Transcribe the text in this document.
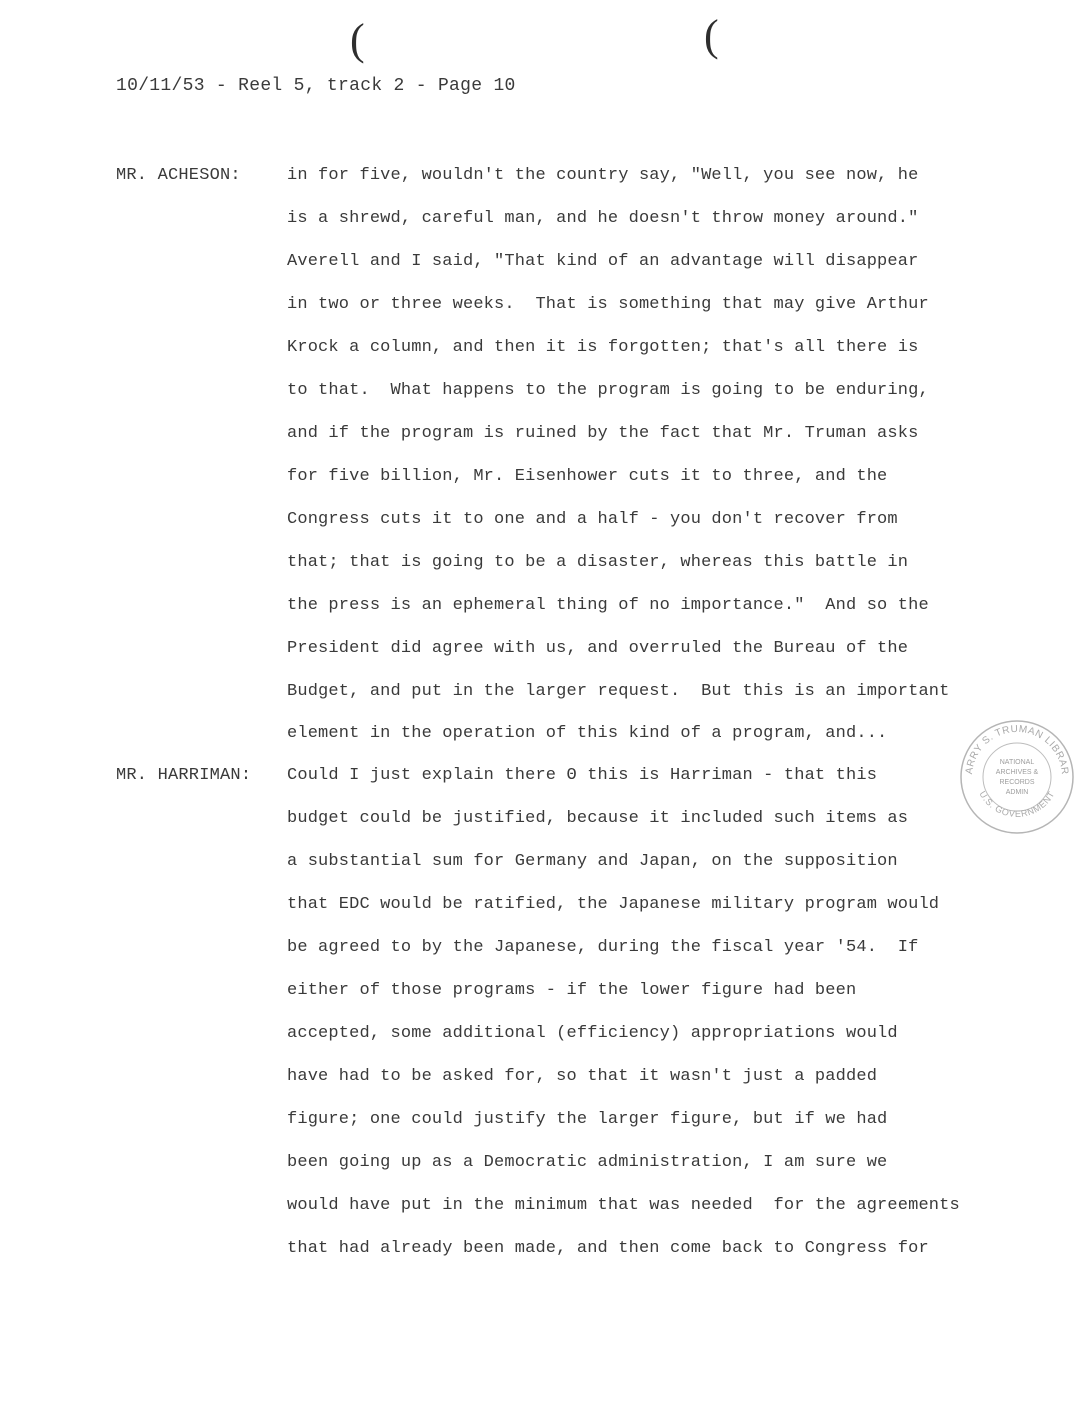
(	(
10/11/53 - Reel 5, track 2 - Page 10
MR. ACHESON:
MR. HARRIMAN:
in for five, wouldn't the country say, "Well, you see now, he
is a shrewd, careful man, and he doesn't throw money around."
Averell and I said, "That kind of an advantage will disappear
in two or three weeks.  That is something that may give Arthur
Krock a column, and then it is forgotten; that's all there is
to that.  What happens to the program is going to be enduring,
and if the program is ruined by the fact that Mr. Truman asks
for five billion, Mr. Eisenhower cuts it to three, and the
Congress cuts it to one and a half - you don't recover from
that; that is going to be a disaster, whereas this battle in
the press is an ephemeral thing of no importance."  And so the
President did agree with us, and overruled the Bureau of the
Budget, and put in the larger request.  But this is an important
element in the operation of this kind of a program, and...
Could I just explain there Θ this is Harriman - that this
budget could be justified, because it included such items as
a substantial sum for Germany and Japan, on the supposition
that EDC would be ratified, the Japanese military program would
be agreed to by the Japanese, during the fiscal year '54.  If
either of those programs - if the lower figure had been
accepted, some additional (efficiency) appropriations would
have had to be asked for, so that it wasn't just a padded
figure; one could justify the larger figure, but if we had
been going up as a Democratic administration, I am sure we
would have put in the minimum that was needed  for the agreements
that had already been made, and then come back to Congress for
ARRY S. TRUMAN LIBRAR
U.S. GOVERNMENT
NATIONAL
ARCHIVES &
RECORDS
ADMIN
